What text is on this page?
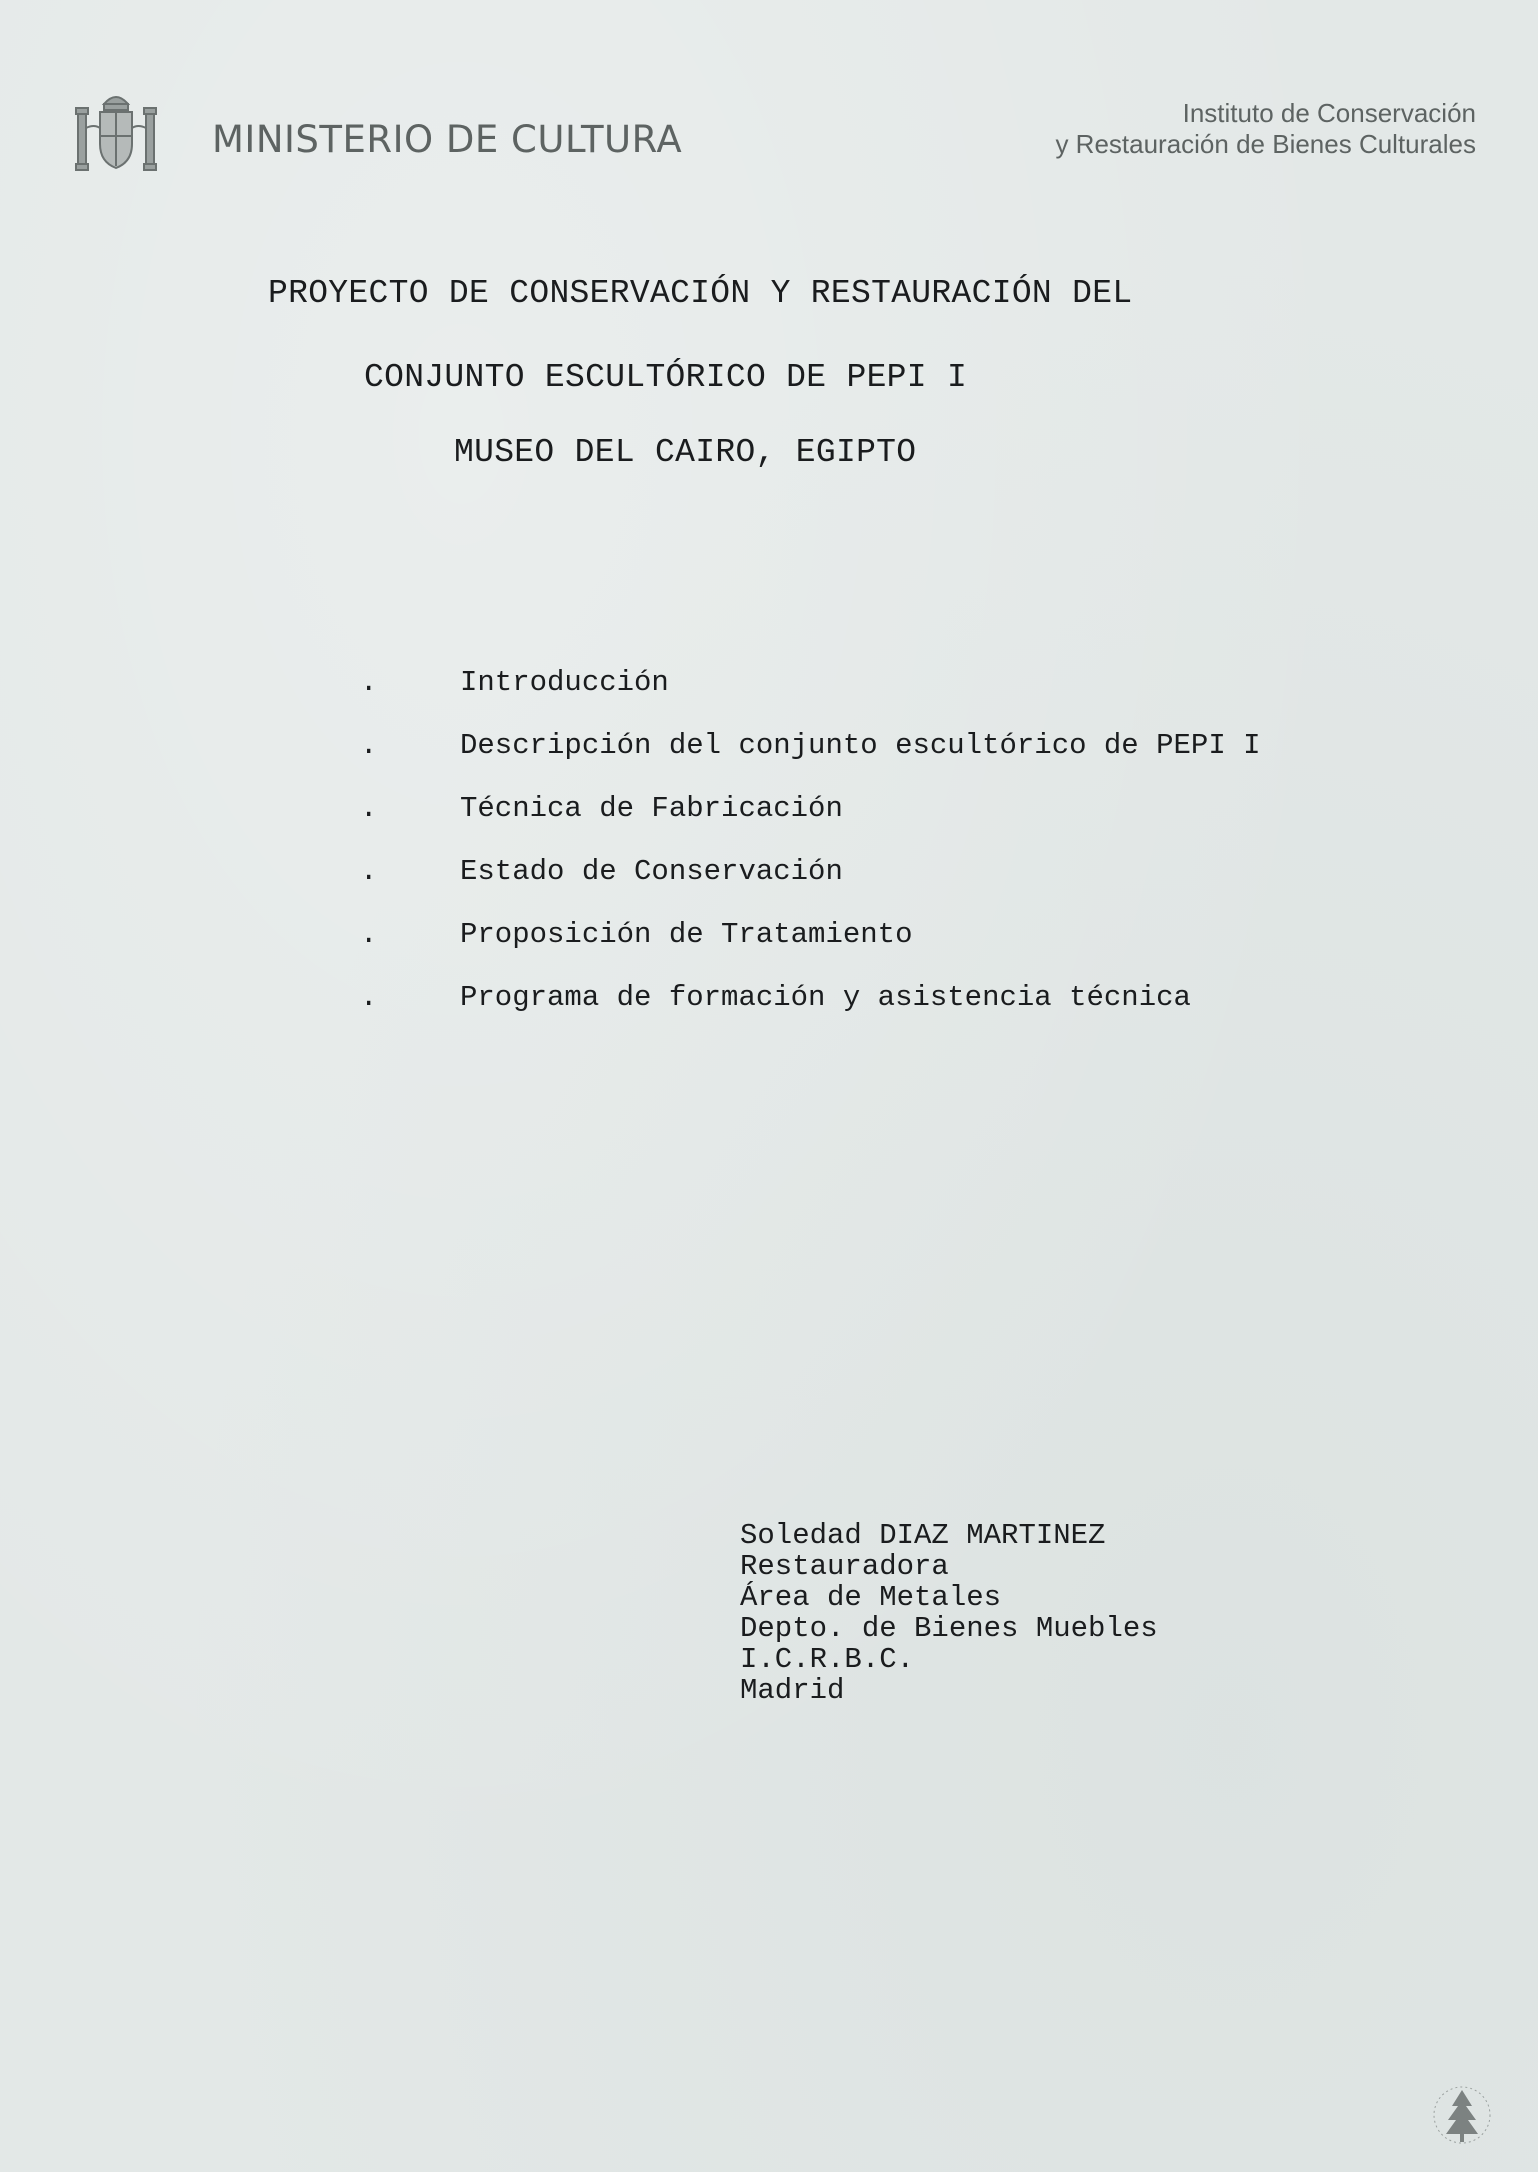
MINISTERIO DE CULTURA
Instituto de Conservación
y Restauración de Bienes Culturales
PROYECTO DE CONSERVACIÓN Y RESTAURACIÓN DEL
CONJUNTO ESCULTÓRICO DE PEPI I
MUSEO DEL CAIRO, EGIPTO
.	Introducción
.	Descripción del conjunto escultórico de PEPI I
.	Técnica de Fabricación
.	Estado de Conservación
.	Proposición de Tratamiento
.	Programa de formación y asistencia técnica
Soledad DIAZ MARTINEZ
Restauradora
Área de Metales
Depto. de Bienes Muebles
I.C.R.B.C.
Madrid
